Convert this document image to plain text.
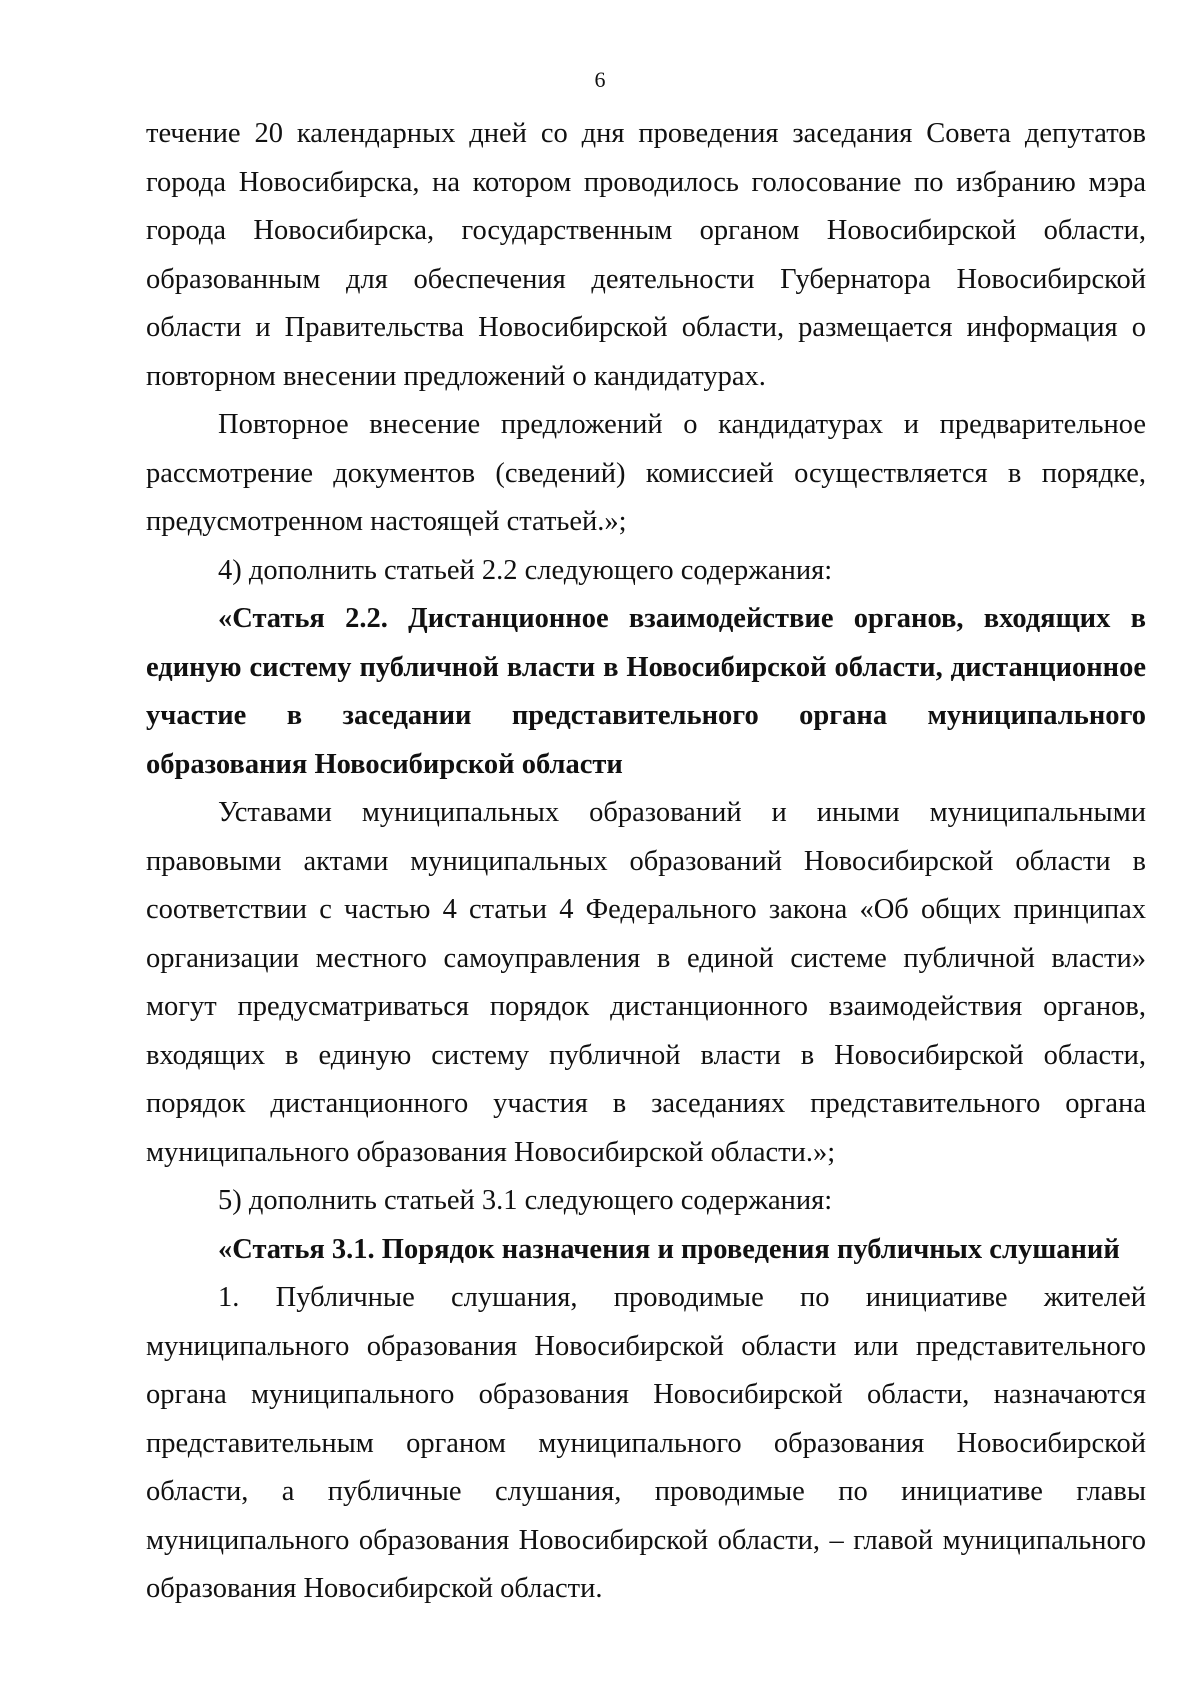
6

течение 20 календарных дней со дня проведения заседания Совета депутатов города Новосибирска, на котором проводилось голосование по избранию мэра города Новосибирска, государственным органом Новосибирской области, образованным для обеспечения деятельности Губернатора Новосибирской области и Правительства Новосибирской области, размещается информация о повторном внесении предложений о кандидатурах.

Повторное внесение предложений о кандидатурах и предварительное рассмотрение документов (сведений) комиссией осуществляется в порядке, предусмотренном настоящей статьей.»;

4) дополнить статьей 2.2 следующего содержания:

«Статья 2.2. Дистанционное взаимодействие органов, входящих в единую систему публичной власти в Новосибирской области, дистанционное участие в заседании представительного органа муниципального образования Новосибирской области

Уставами муниципальных образований и иными муниципальными правовыми актами муниципальных образований Новосибирской области в соответствии с частью 4 статьи 4 Федерального закона «Об общих принципах организации местного самоуправления в единой системе публичной власти» могут предусматриваться порядок дистанционного взаимодействия органов, входящих в единую систему публичной власти в Новосибирской области, порядок дистанционного участия в заседаниях представительного органа муниципального образования Новосибирской области.»;

5) дополнить статьей 3.1 следующего содержания:

«Статья 3.1. Порядок назначения и проведения публичных слушаний

1. Публичные слушания, проводимые по инициативе жителей муниципального образования Новосибирской области или представительного органа муниципального образования Новосибирской области, назначаются представительным органом муниципального образования Новосибирской области, а публичные слушания, проводимые по инициативе главы муниципального образования Новосибирской области, – главой муниципального образования Новосибирской области.
